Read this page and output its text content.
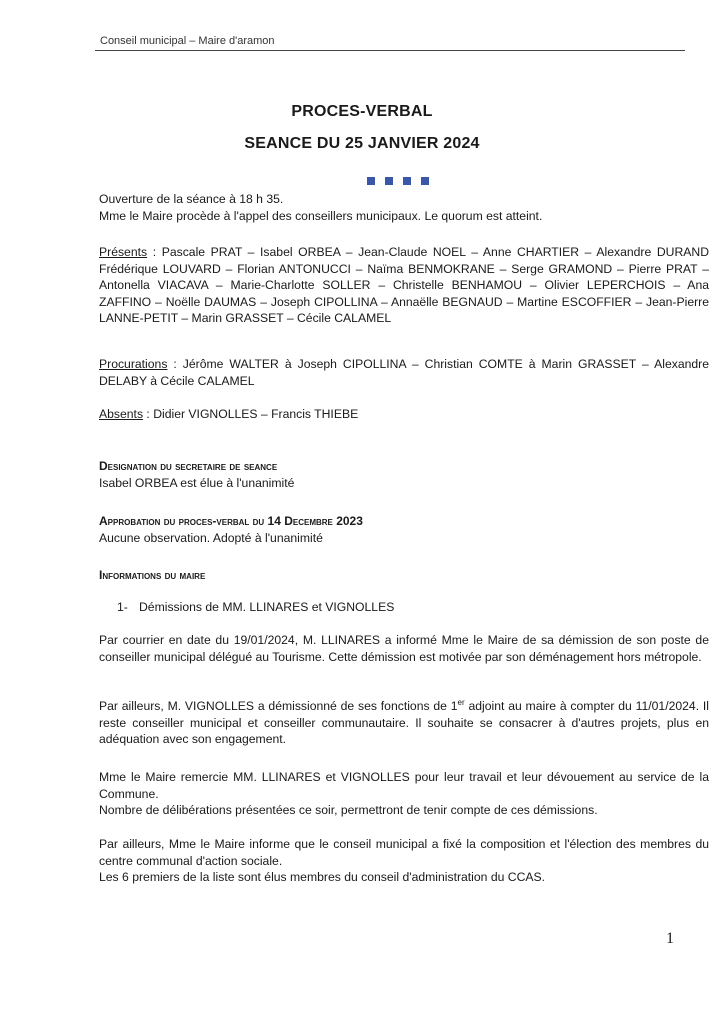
Conseil municipal – Maire d'aramon
PROCES-VERBAL
SEANCE DU 25 JANVIER 2024
Ouverture de la séance à 18 h 35.
Mme le Maire procède à l'appel des conseillers municipaux. Le quorum est atteint.
Présents : Pascale PRAT – Isabel ORBEA – Jean-Claude NOEL – Anne CHARTIER – Alexandre DURAND Frédérique LOUVARD – Florian ANTONUCCI – Naïma BENMOKRANE – Serge GRAMOND – Pierre PRAT – Antonella VIACAVA – Marie-Charlotte SOLLER – Christelle BENHAMOU – Olivier LEPERCHOIS – Ana ZAFFINO – Noëlle DAUMAS – Joseph CIPOLLINA – Annaëlle BEGNAUD – Martine ESCOFFIER – Jean-Pierre LANNE-PETIT – Marin GRASSET – Cécile CALAMEL
Procurations : Jérôme WALTER à Joseph CIPOLLINA – Christian COMTE à Marin GRASSET – Alexandre DELABY à Cécile CALAMEL
Absents : Didier VIGNOLLES – Francis THIEBE
Designation du secretaire de seance
Isabel ORBEA est élue à l'unanimité
Approbation du proces-verbal du 14 Decembre 2023
Aucune observation. Adopté à l'unanimité
Informations du maire
1- Démissions de MM. LLINARES et VIGNOLLES
Par courrier en date du 19/01/2024, M. LLINARES a informé Mme le Maire de sa démission de son poste de conseiller municipal délégué au Tourisme. Cette démission est motivée par son déménagement hors métropole.
Par ailleurs, M. VIGNOLLES a démissionné de ses fonctions de 1er adjoint au maire à compter du 11/01/2024. Il reste conseiller municipal et conseiller communautaire. Il souhaite se consacrer à d'autres projets, plus en adéquation avec son engagement.
Mme le Maire remercie MM. LLINARES et VIGNOLLES pour leur travail et leur dévouement au service de la Commune.
Nombre de délibérations présentées ce soir, permettront de tenir compte de ces démissions.
Par ailleurs, Mme le Maire informe que le conseil municipal a fixé la composition et l'élection des membres du centre communal d'action sociale.
Les 6 premiers de la liste sont élus membres du conseil d'administration du CCAS.
1
